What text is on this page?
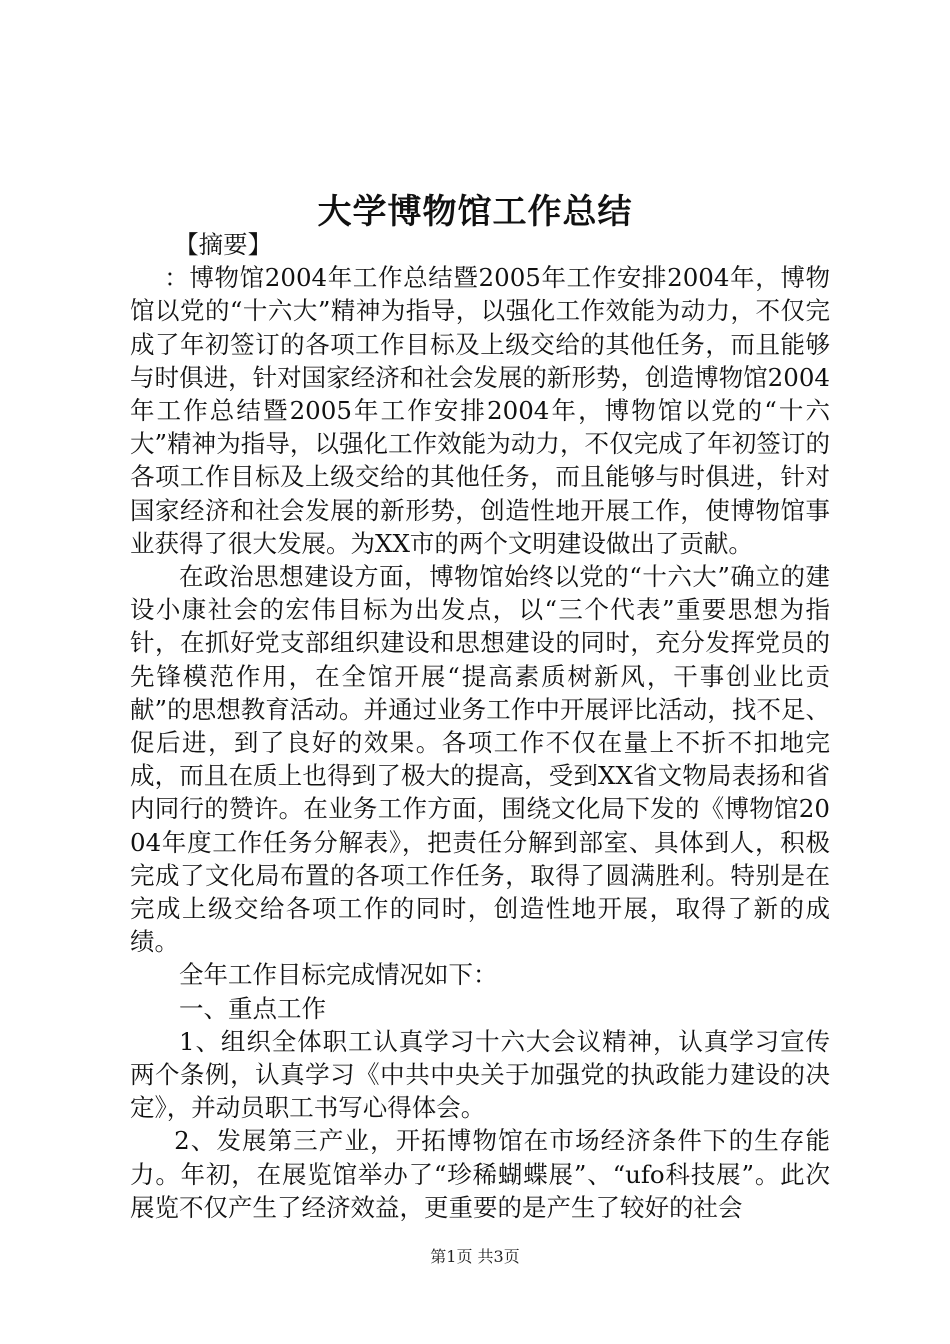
大学博物馆工作总结

【摘要】

：博物馆2004年工作总结暨2005年工作安排2004年，博物馆以党的“十六大”精神为指导，以强化工作效能为动力，不仅完成了年初签订的各项工作目标及上级交给的其他任务，而且能够与时俱进，针对国家经济和社会发展的新形势，创造博物馆2004年工作总结暨2005年工作安排2004年，博物馆以党的“十六大”精神为指导，以强化工作效能为动力，不仅完成了年初签订的各项工作目标及上级交给的其他任务，而且能够与时俱进，针对国家经济和社会发展的新形势，创造性地开展工作，使博物馆事业获得了很大发展。为XX市的两个文明建设做出了贡献。

在政治思想建设方面，博物馆始终以党的“十六大”确立的建设小康社会的宏伟目标为出发点，以“三个代表”重要思想为指针，在抓好党支部组织建设和思想建设的同时，充分发挥党员的先锋模范作用，在全馆开展“提高素质树新风，干事创业比贡献”的思想教育活动。并通过业务工作中开展评比活动，找不足、促后进，到了良好的效果。各项工作不仅在量上不折不扣地完成，而且在质上也得到了极大的提高，受到XX省文物局表扬和省内同行的赞许。在业务工作方面，围绕文化局下发的《博物馆2004年度工作任务分解表》，把责任分解到部室、具体到人，积极完成了文化局布置的各项工作任务，取得了圆满胜利。特别是在完成上级交给各项工作的同时，创造性地开展，取得了新的成绩。

全年工作目标完成情况如下：

一、重点工作

1、组织全体职工认真学习十六大会议精神，认真学习宣传两个条例，认真学习《中共中央关于加强党的执政能力建设的决定》，并动员职工书写心得体会。

2、发展第三产业，开拓博物馆在市场经济条件下的生存能力。年初，在展览馆举办了“珍稀蝴蝶展”、“ufo科技展”。此次展览不仅产生了经济效益，更重要的是产生了较好的社会

第1页 共3页
